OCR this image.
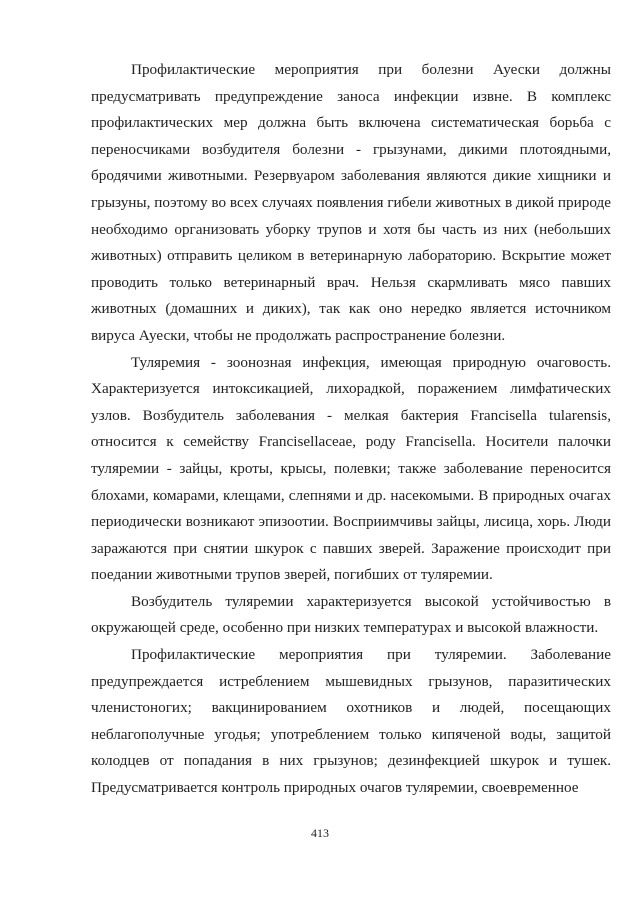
Профилактические мероприятия при болезни Ауески должны предусматривать предупреждение заноса инфекции извне. В комплекс профилактических мер должна быть включена систематическая борьба с переносчиками возбудителя болезни - грызунами, дикими плотоядными, бродячими животными. Резервуаром заболевания являются дикие хищники и грызуны, поэтому во всех случаях появления гибели животных в дикой природе необходимо организовать уборку трупов и хотя бы часть из них (небольших животных) отправить целиком в ветеринарную лабораторию. Вскрытие может проводить только ветеринарный врач. Нельзя скармливать мясо павших животных (домашних и диких), так как оно нередко является источником вируса Ауески, чтобы не продолжать распространение болезни.

Туляремия - зоонозная инфекция, имеющая природную очаговость. Характеризуется интоксикацией, лихорадкой, поражением лимфатических узлов. Возбудитель заболевания - мелкая бактерия Francisella tularensis, относится к семейству Francisellaceae, роду Francisella. Носители палочки туляремии - зайцы, кроты, крысы, полевки; также заболевание переносится блохами, комарами, клещами, слепнями и др. насекомыми. В природных очагах периодически возникают эпизоотии. Восприимчивы зайцы, лисица, хорь. Люди заражаются при снятии шкурок с павших зверей. Заражение происходит при поедании животными трупов зверей, погибших от туляремии.

Возбудитель туляремии характеризуется высокой устойчивостью в окружающей среде, особенно при низких температурах и высокой влажности.

Профилактические мероприятия при туляремии. Заболевание предупреждается истреблением мышевидных грызунов, паразитических членистоногих; вакцинированием охотников и людей, посещающих неблагополучные угодья; употреблением только кипяченой воды, защитой колодцев от попадания в них грызунов; дезинфекцией шкурок и тушек. Предусматривается контроль природных очагов туляремии, своевременное

413
